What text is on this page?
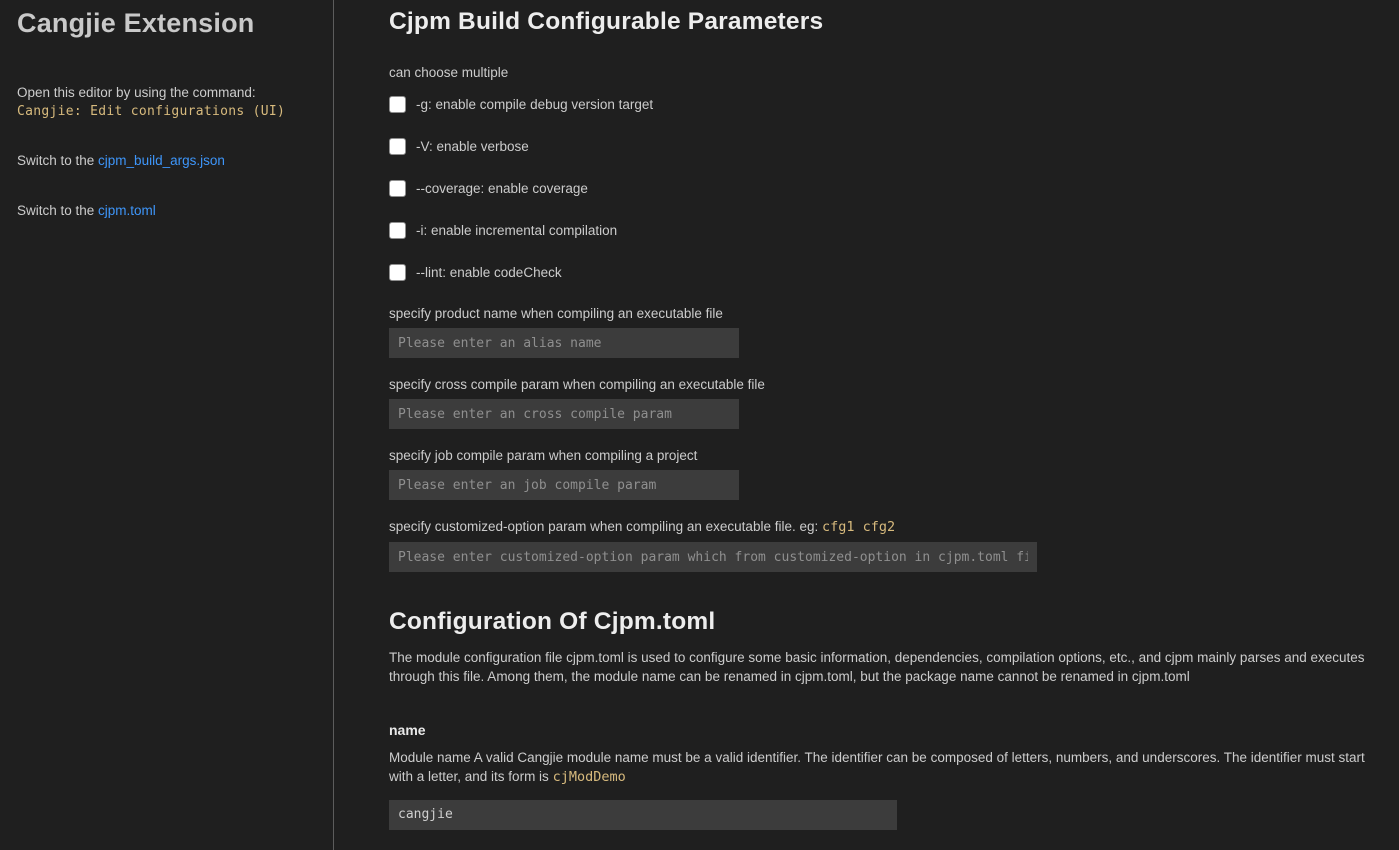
Cangjie Extension

Open this editor by using the command:

Cangjie: Edit configurations (UI)

Switch to the cjpm_build_args.json

Switch to the cjpm.toml

Cjpm Build Configurable Parameters

can choose multiple

-g: enable compile debug version target
-V: enable verbose
--coverage: enable coverage
-i: enable incremental compilation
--lint: enable codeCheck
specify product name when compiling an executable file
Please enter an alias name
specify cross compile param when compiling an executable file
Please enter an cross compile param
specify job compile param when compiling a project
Please enter an job compile param
specify customized-option param when compiling an executable file. eg: cfg1 cfg2
Please enter customized-option param which from customized-option in cjpm.toml file
Configuration Of Cjpm.toml

The module configuration file cjpm.toml is used to configure some basic information, dependencies, compilation options, etc., and cjpm mainly parses and executes through this file. Among them, the module name can be renamed in cjpm.toml, but the package name cannot be renamed in cjpm.toml

name

Module name A valid Cangjie module name must be a valid identifier. The identifier can be composed of letters, numbers, and underscores. The identifier must start with a letter, and its form is cjModDemo

cangjie
